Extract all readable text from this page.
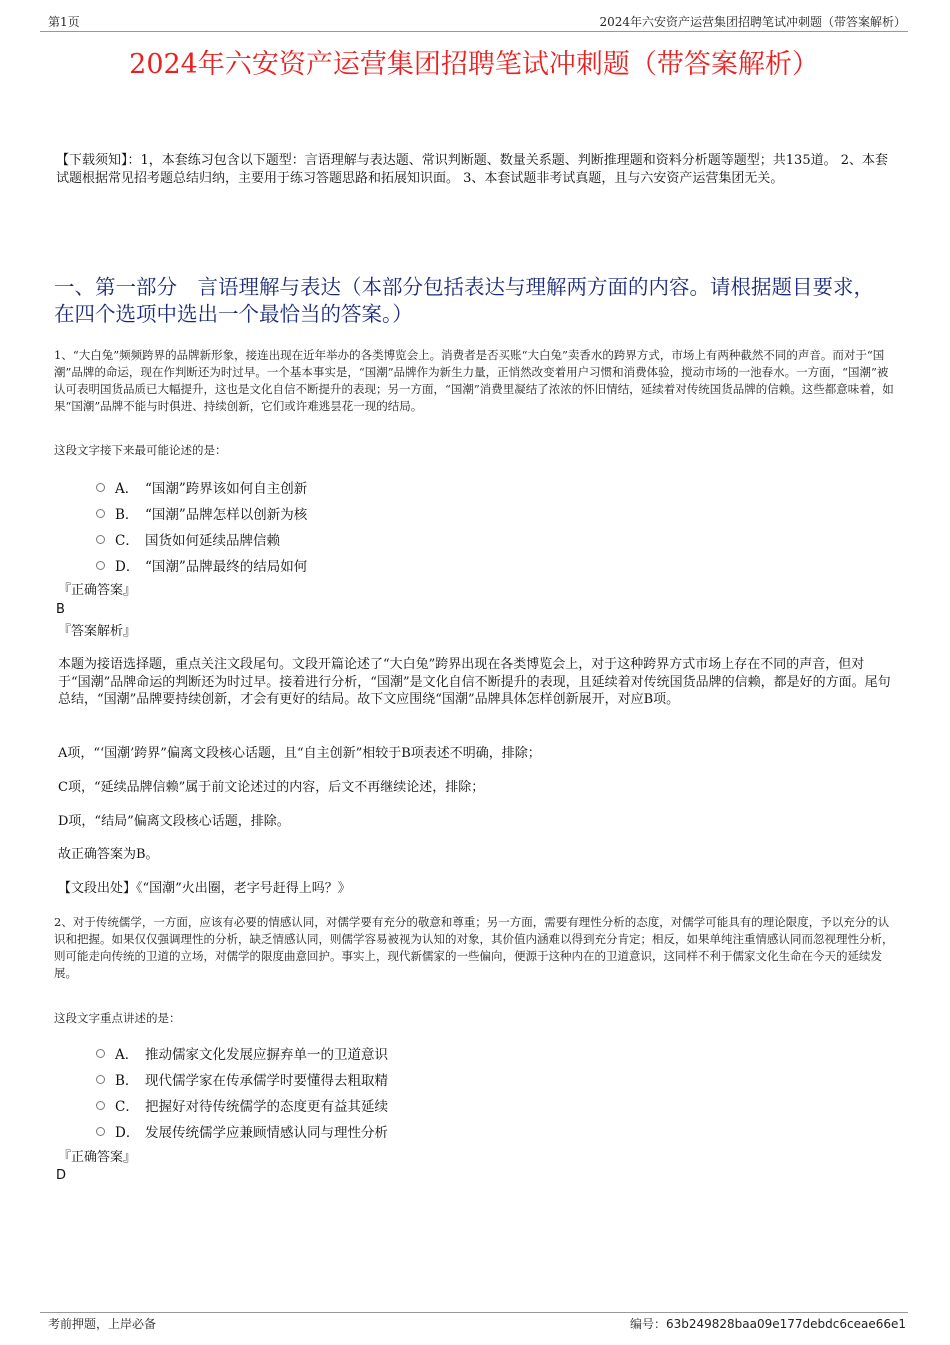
第1页	2024年六安资产运营集团招聘笔试冲刺题（带答案解析）
2024年六安资产运营集团招聘笔试冲刺题（带答案解析）
【下载须知】：1，本套练习包含以下题型：言语理解与表达题、常识判断题、数量关系题、判断推理题和资料分析题等题型；共135道。 2、本套试题根据常见招考题总结归纳，主要用于练习答题思路和拓展知识面。 3、本套试题非考试真题，且与六安资产运营集团无关。
一、第一部分　言语理解与表达（本部分包括表达与理解两方面的内容。请根据题目要求，在四个选项中选出一个最恰当的答案。）
1、“大白兔”频频跨界的品牌新形象，接连出现在近年举办的各类博览会上。消费者是否买账“大白兔”卖香水的跨界方式，市场上有两种截然不同的声音。而对于“国潮”品牌的命运，现在作判断还为时过早。一个基本事实是，“国潮”品牌作为新生力量，正悄然改变着用户习惯和消费体验，搅动市场的一池春水。一方面，“国潮”被认可表明国货品质已大幅提升，这也是文化自信不断提升的表现；另一方面，“国潮”消费里凝结了浓浓的怀旧情结，延续着对传统国货品牌的信赖。这些都意味着，如果“国潮”品牌不能与时俱进、持续创新，它们或许难逃昙花一现的结局。
这段文字接下来最可能论述的是：
A． “国潮”跨界该如何自主创新
B． “国潮”品牌怎样以创新为核
C． 国货如何延续品牌信赖
D． “国潮”品牌最终的结局如何
『正确答案』
B
『答案解析』
本题为接语选择题，重点关注文段尾句。文段开篇论述了“大白兔”跨界出现在各类博览会上，对于这种跨界方式市场上存在不同的声音，但对于“国潮”品牌命运的判断还为时过早。接着进行分析，“国潮”是文化自信不断提升的表现，且延续着对传统国货品牌的信赖，都是好的方面。尾句总结，“国潮”品牌要持续创新，才会有更好的结局。故下文应围绕“国潮”品牌具体怎样创新展开，对应B项。
A项，“‘国潮’跨界”偏离文段核心话题，且“自主创新”相较于B项表述不明确，排除；
C项，“延续品牌信赖”属于前文论述过的内容，后文不再继续论述，排除；
D项，“结局”偏离文段核心话题，排除。
故正确答案为B。
【文段出处】《“国潮”火出圈，老字号赶得上吗？》
2、对于传统儒学，一方面，应该有必要的情感认同，对儒学要有充分的敬意和尊重；另一方面，需要有理性分析的态度，对儒学可能具有的理论限度，予以充分的认识和把握。如果仅仅强调理性的分析，缺乏情感认同，则儒学容易被视为认知的对象，其价值内涵难以得到充分肯定；相反，如果单纯注重情感认同而忽视理性分析，则可能走向传统的卫道的立场，对儒学的限度曲意回护。事实上，现代新儒家的一些偏向，便源于这种内在的卫道意识，这同样不利于儒家文化生命在今天的延续发展。
这段文字重点讲述的是：
A． 推动儒家文化发展应摒弃单一的卫道意识
B． 现代儒学家在传承儒学时要懂得去粗取精
C． 把握好对待传统儒学的态度更有益其延续
D． 发展传统儒学应兼顾情感认同与理性分析
『正确答案』
D
考前押题，上岸必备	编号：63b249828baa09e177debdc6ceae66e1
